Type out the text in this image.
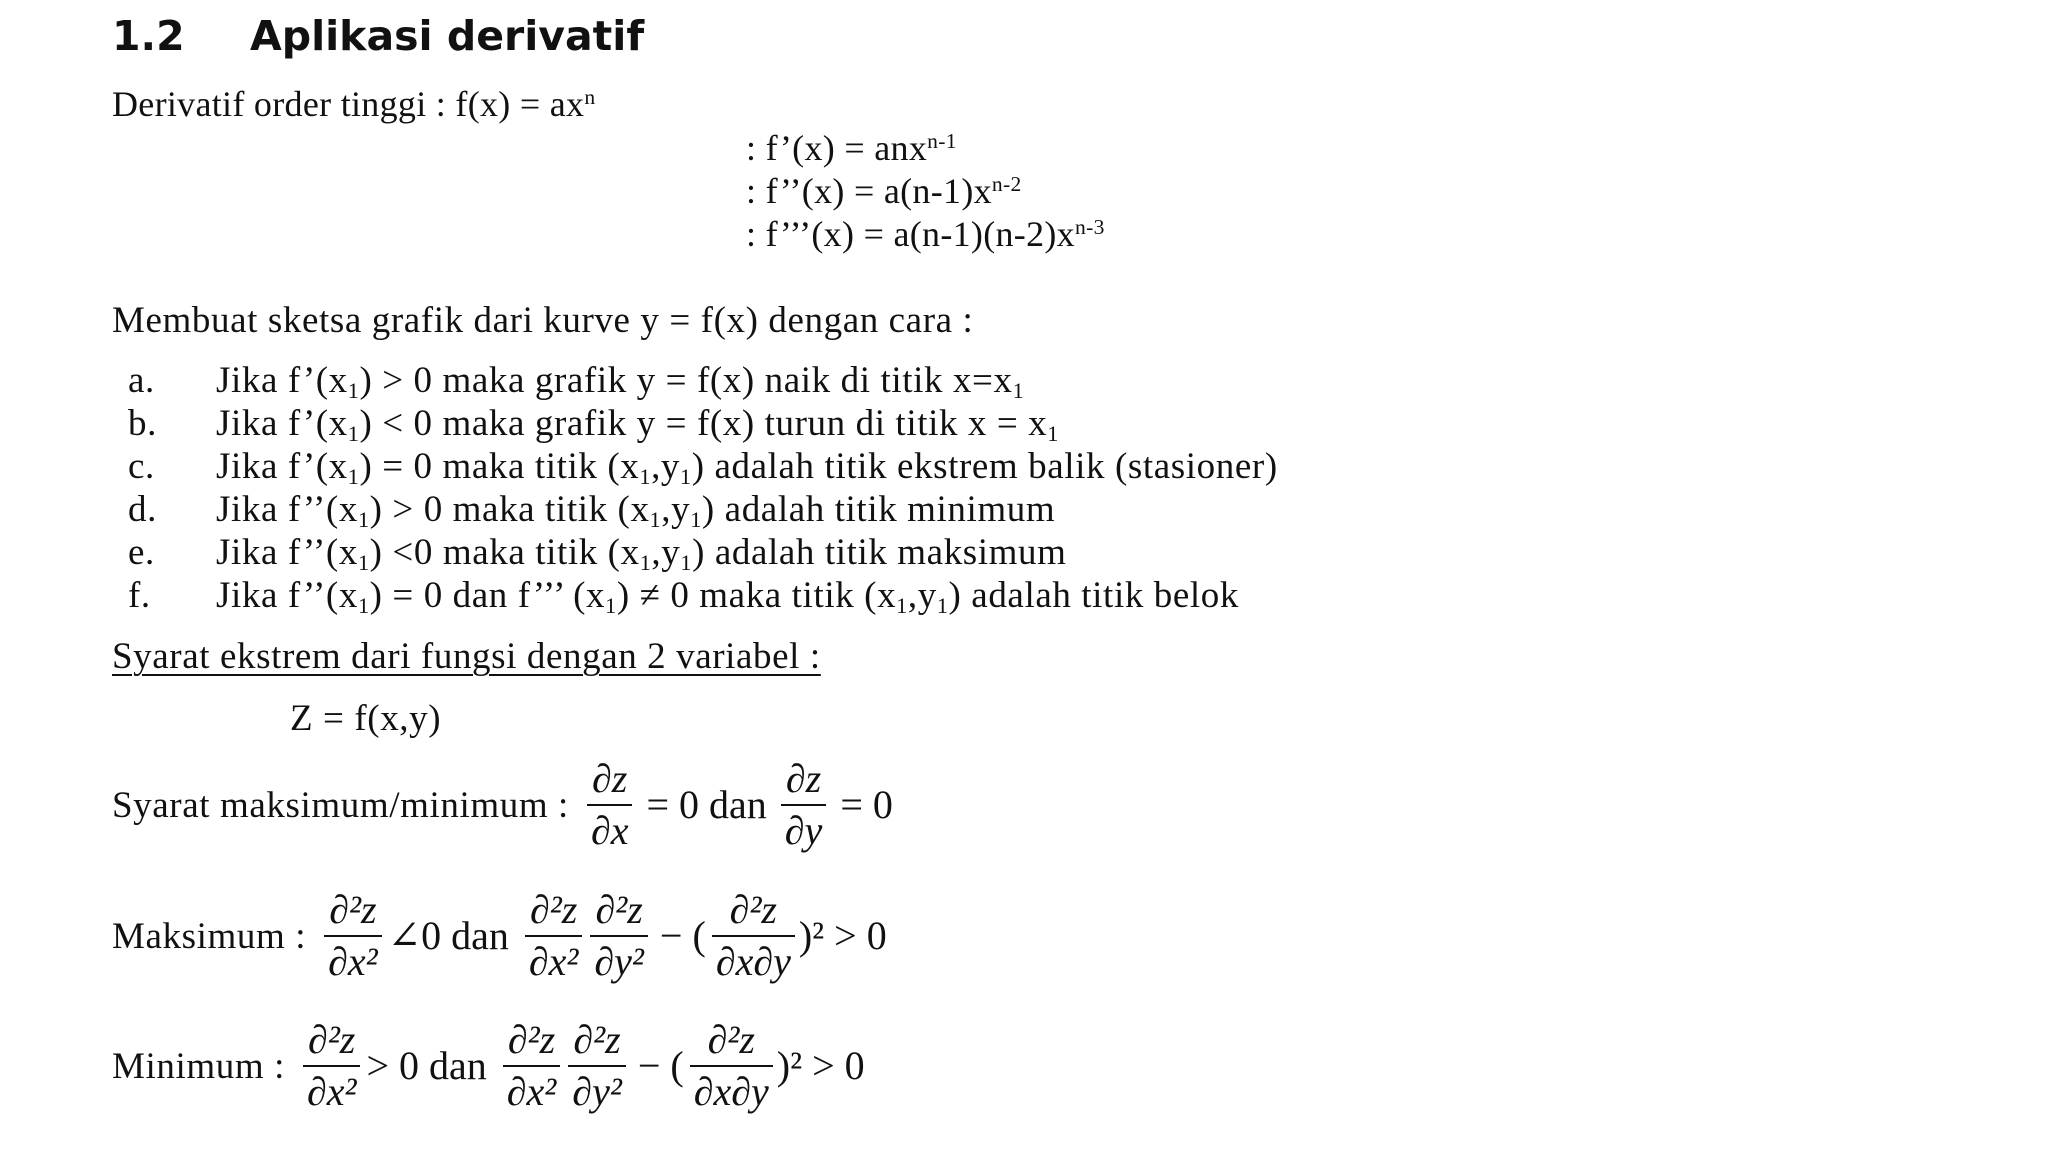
1.2 Aplikasi derivatif
Derivatif order tinggi : $f(x) = ax^n$
: f’(x) = anx$^{n-1}$
: f’’(x) = $a(n-1)x^{n-2}$
: f’’’(x) = $a(n-1)(n-2)x^{n-3}$
Membuat sketsa grafik dari kurve y = f(x) dengan cara :
a. Jika $f’(x_1) > 0$ maka grafik y = f(x) naik di titik $x=x_1$
b. Jika $f’(x_1) < 0$ maka grafik y = f(x) turun di titik $x = x_1$
c. Jika $f’(x_1) = 0$ maka titik $(x_1,y_1)$ adalah titik ekstrem balik (stasioner)
d. Jika $f’’(x_1) > 0$ maka titik $(x_1,y_1)$ adalah titik minimum
e. Jika $f’’(x_1) <0$ maka titik $(x_1,y_1)$ adalah titik maksimum
f. Jika $f’’(x_1) = 0$ dan f’’’ $(x_1) \ne 0$ maka titik $(x_1,y_1)$ adalah titik belok
Syarat ekstrem dari fungsi dengan 2 variabel :
Z = f(x,y)
Syarat maksimum/minimum : $\frac{\partial z}{\partial x} = 0$ dan $\frac{\partial z}{\partial y} = 0$
Maksimum : $\frac{\text{∂²z}}{\text{∂x²}}$ ∠0 dan $\frac{\text{∂²z}}{\text{∂x²}} \frac{\text{∂²z}}{\text{∂y²}}$ − ( $\frac{\text{∂²z}}{\partial x\partial y} )^2 > 0$
Minimum : $\frac{\text{∂²z}}{\text{∂x²}} > 0$ dan $\frac{\text{∂²z}}{\text{∂x²}} \frac{\text{∂²z}}{\text{∂y²}}$ − ( $\frac{\text{∂²z}}{\partial x\partial y} )^2 > 0$
